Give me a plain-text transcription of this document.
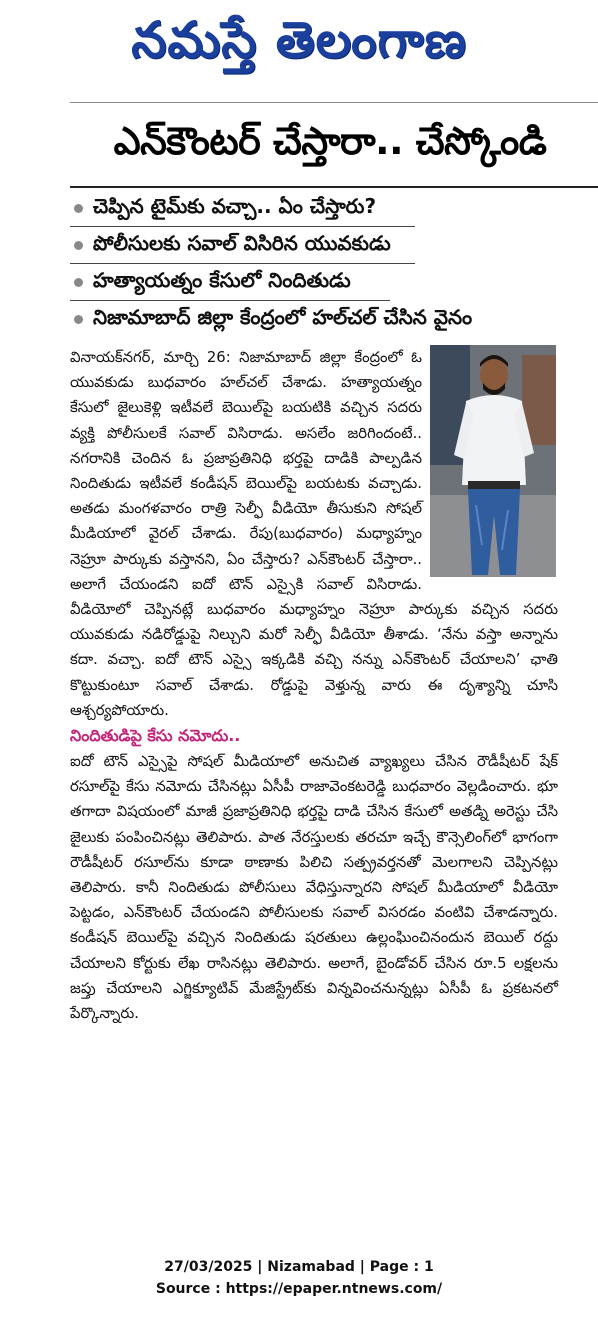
నమస్తే తెలంగాణ
ఎన్‌కౌంటర్ చేస్తారా.. చేస్కోండి
చెప్పిన టైమ్‌కు వచ్చా.. ఏం చేస్తారు?
పోలీసులకు సవాల్ విసిరిన యువకుడు
హత్యాయత్నం కేసులో నిందితుడు
నిజామాబాద్ జిల్లా కేంద్రంలో హల్‌చల్ చేసిన వైనం

వినాయక్‌నగర్, మార్చి 26: నిజామాబాద్ జిల్లా కేంద్రంలో ఓ యువకుడు బుధవారం హల్‌చల్ చేశాడు. హత్యాయత్నం కేసులో జైలుకెళ్లి ఇటీవలే బెయిల్‌పై బయటికి వచ్చిన సదరు వ్యక్తి పోలీసులకే సవాల్ విసిరాడు. అసలేం జరిగిందంటే.. నగరానికి చెందిన ఓ ప్రజాప్రతినిధి భర్తపై దాడికి పాల్పడిన నిందితుడు ఇటీవలే కండీషన్ బెయిల్‌పై బయటకు వచ్చాడు. అతడు మంగళవారం రాత్రి సెల్ఫీ వీడియో తీసుకుని సోషల్ మీడియాలో వైరల్ చేశాడు. రేపు(బుధవారం) మధ్యాహ్నం నెహ్రూ పార్కుకు వస్తానని, ఏం చేస్తారు? ఎన్‌కౌంటర్ చేస్తారా.. అలాగే చేయండని ఐదో టౌన్ ఎస్సైకి సవాల్ విసిరాడు. వీడియోలో చెప్పినట్లే బుధవారం మధ్యాహ్నం నెహ్రూ పార్కుకు వచ్చిన సదరు యువకుడు నడిరోడ్డుపై నిల్చుని మరో సెల్ఫీ వీడియో తీశాడు. ‘నేను వస్తా అన్నాను కదా. వచ్చా. ఐదో టౌన్ ఎస్సై ఇక్కడికి వచ్చి నన్ను ఎన్‌కౌంటర్ చేయాలని’ ఛాతి కొట్టుకుంటూ సవాల్ చేశాడు. రోడ్డుపై వెళ్తున్న వారు ఈ దృశ్యాన్ని చూసి ఆశ్చర్యపోయారు.

నిందితుడిపై కేసు నమోదు..

ఐదో టౌన్ ఎస్సైపై సోషల్ మీడియాలో అనుచిత వ్యాఖ్యలు చేసిన రౌడీషీటర్ షేక్ రసూల్‌పై కేసు నమోదు చేసినట్లు ఏసీపీ రాజావెంకటరెడ్డి బుధవారం వెల్లడించారు. భూ తగాదా విషయంలో మాజీ ప్రజాప్రతినిధి భర్తపై దాడి చేసిన కేసులో అతడ్ని అరెస్టు చేసి జైలుకు పంపించినట్లు తెలిపారు. పాత నేరస్తులకు తరచూ ఇచ్చే కౌన్సెలింగ్‌లో భాగంగా రౌడీషీటర్ రసూల్‌ను కూడా ఠాణాకు పిలిచి సత్ప్రవర్తనతో మెలగాలని చెప్పినట్లు తెలిపారు. కానీ నిందితుడు పోలీసులు వేధిస్తున్నారని సోషల్ మీడియాలో వీడియో పెట్టడం, ఎన్‌కౌంటర్ చేయండని పోలీసులకు సవాల్ విసరడం వంటివి చేశాడన్నారు. కండీషన్ బెయిల్‌పై వచ్చిన నిందితుడు షరతులు ఉల్లంఘించినందున బెయిల్ రద్దు చేయాలని కోర్టుకు లేఖ రాసినట్లు తెలిపారు. అలాగే, బైండోవర్ చేసిన రూ.5 లక్షలను జప్తు చేయాలని ఎగ్జిక్యూటివ్ మేజిస్ట్రేట్‌కు విన్నవించనున్నట్లు ఏసీపీ ఓ ప్రకటనలో పేర్కొన్నారు.

27/03/2025 | Nizamabad | Page : 1
Source : https://epaper.ntnews.com/
